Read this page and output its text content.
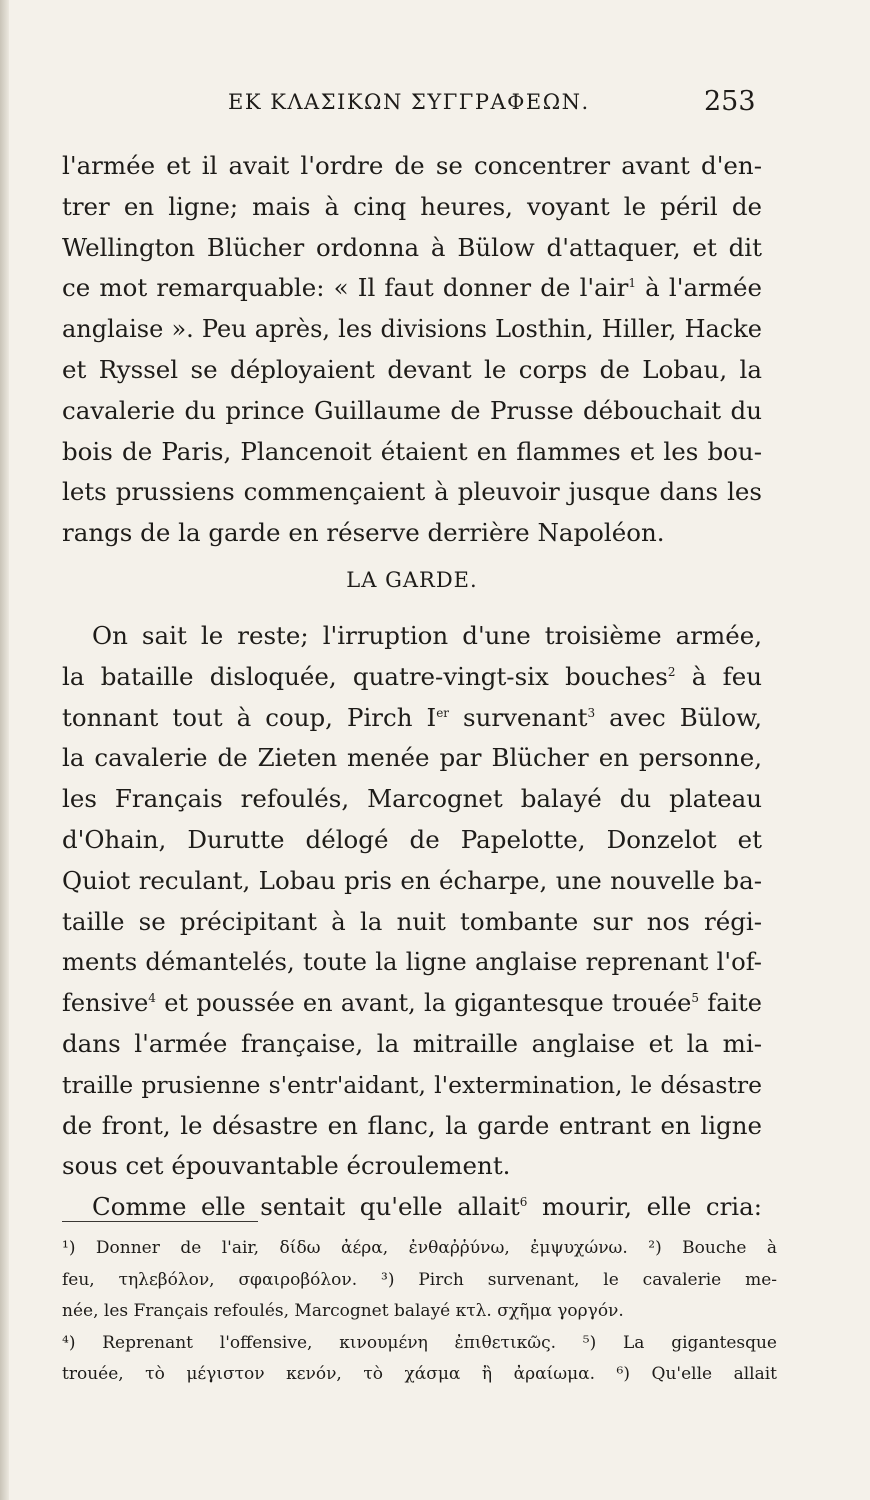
ΕΚ ΚΛΑΣΙΚΩΝ ΣΥΓΓΡΑΦΕΩΝ.	253
l'armée et il avait l'ordre de se concentrer avant d'en-
trer en ligne; mais à cinq heures, voyant le péril de
Wellington Blücher ordonna à Bülow d'attaquer, et dit
ce mot remarquable: « Il faut donner de l'air$^1$ à l'armée
anglaise ». Peu après, les divisions Losthin, Hiller, Hacke
et Ryssel se déployaient devant le corps de Lobau, la
cavalerie du prince Guillaume de Prusse débouchait du
bois de Paris, Plancenoit étaient en flammes et les bou-
lets prussiens commençaient à pleuvoir jusque dans les
rangs de la garde en réserve derrière Napoléon.
LA GARDE.
On sait le reste; l'irruption d'une troisième armée,
la bataille disloquée, quatre-vingt-six bouches$^2$ à feu
tonnant tout à coup, Pirch Ier survenant$^3$ avec Bülow,
la cavalerie de Zieten menée par Blücher en personne,
les Français refoulés, Marcognet balayé du plateau
d'Ohain, Durutte délogé de Papelotte, Donzelot et
Quiot reculant, Lobau pris en écharpe, une nouvelle ba-
taille se précipitant à la nuit tombante sur nos régi-
ments démantelés, toute la ligne anglaise reprenant l'of-
fensive$^4$ et poussée en avant, la gigantesque trouée$^5$ faite
dans l'armée française, la mitraille anglaise et la mi-
traille prusienne s'entr'aidant, l'extermination, le désastre
de front, le désastre en flanc, la garde entrant en ligne
sous cet épouvantable écroulement.
Comme elle sentait qu'elle allait$^6$ mourir, elle cria:
¹) Donner de l'air, δίδω ἀέρα, ἐνθαῤῥύνω, ἐμψυχώνω. ²) Bouche à
feu, τηλεβόλον, σφαιροβόλον. ³) Pirch survenant, le cavalerie me-
née, les Français refoulés, Marcognet balayé κτλ. σχῆμα γοργόν.
⁴) Reprenant l'offensive, κινουμένη ἐπιθετικῶς. ⁵) La gigantesque
trouée, τὸ μέγιστον κενόν, τὸ χάσμα ἢ ἀραίωμα. ⁶) Qu'elle allait
